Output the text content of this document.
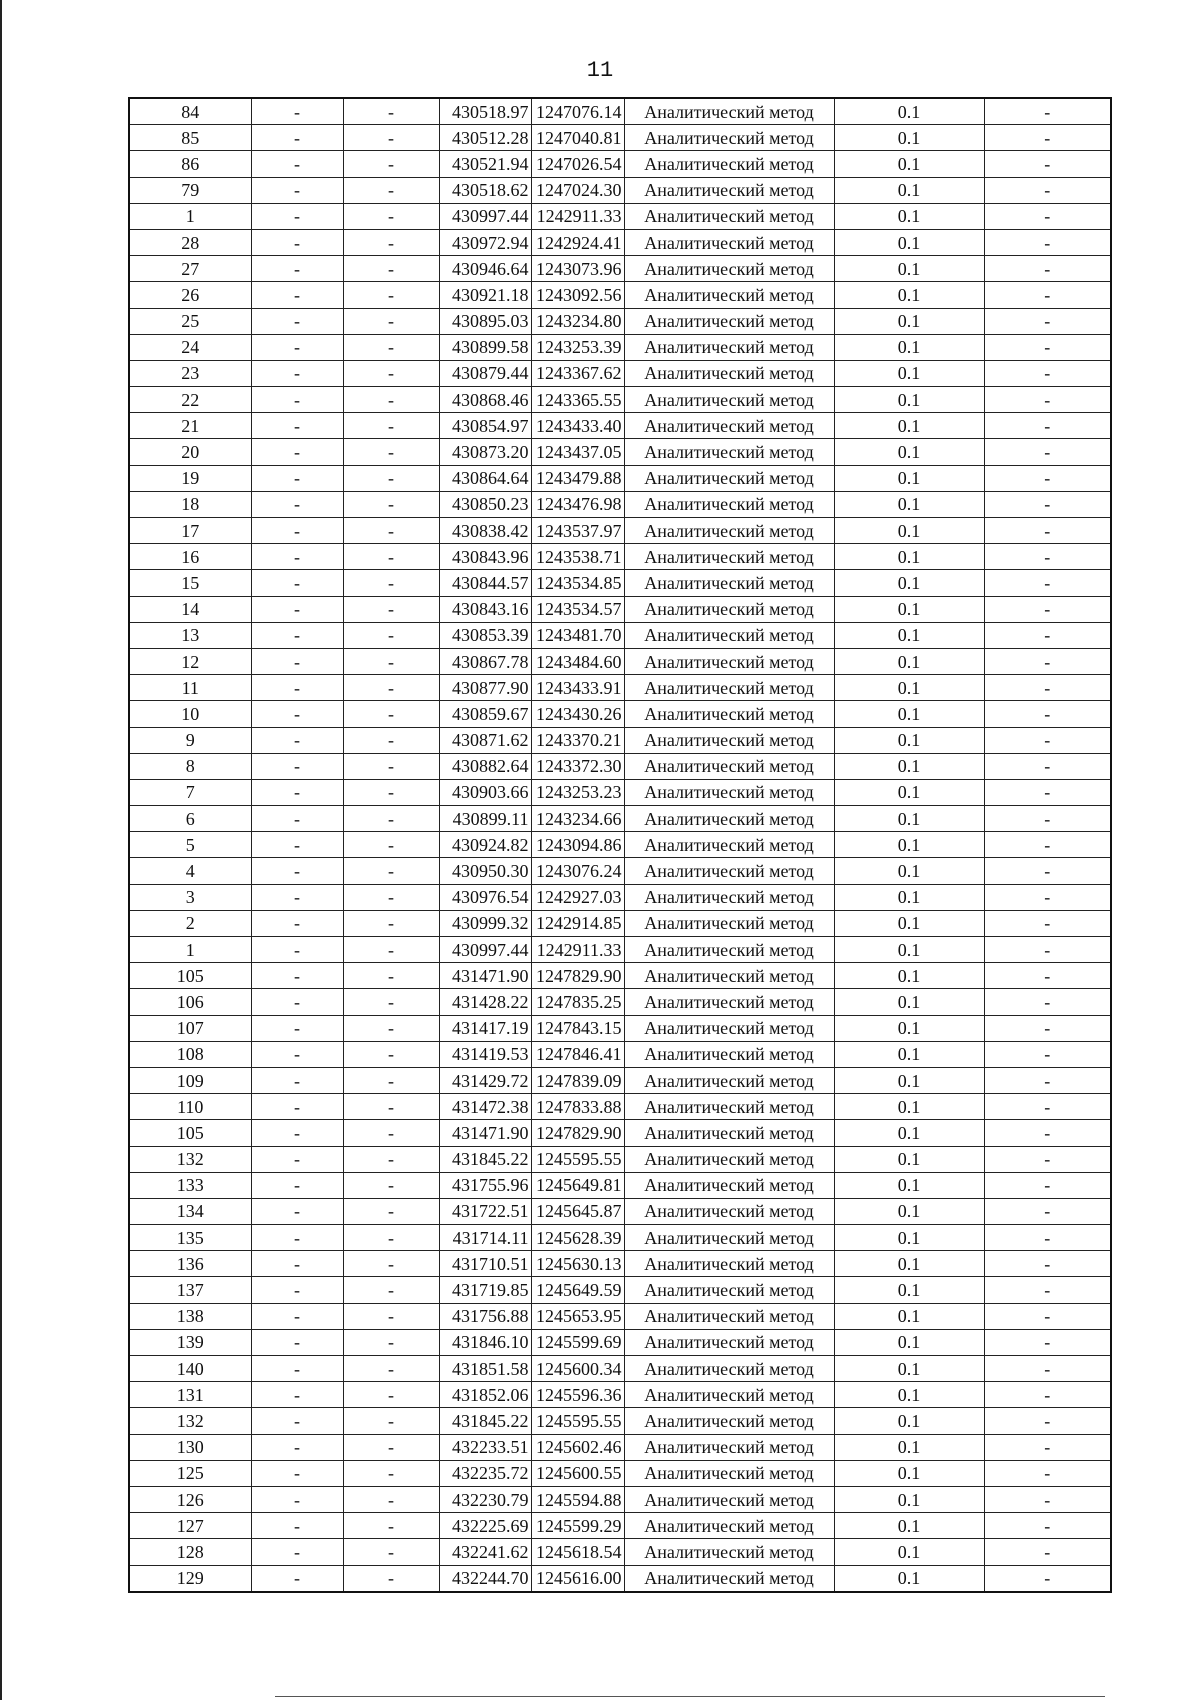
11
84	-	-	430518.97	1247076.14	Аналитический метод	0.1	-
85	-	-	430512.28	1247040.81	Аналитический метод	0.1	-
86	-	-	430521.94	1247026.54	Аналитический метод	0.1	-
79	-	-	430518.62	1247024.30	Аналитический метод	0.1	-
1	-	-	430997.44	1242911.33	Аналитический метод	0.1	-
28	-	-	430972.94	1242924.41	Аналитический метод	0.1	-
27	-	-	430946.64	1243073.96	Аналитический метод	0.1	-
26	-	-	430921.18	1243092.56	Аналитический метод	0.1	-
25	-	-	430895.03	1243234.80	Аналитический метод	0.1	-
24	-	-	430899.58	1243253.39	Аналитический метод	0.1	-
23	-	-	430879.44	1243367.62	Аналитический метод	0.1	-
22	-	-	430868.46	1243365.55	Аналитический метод	0.1	-
21	-	-	430854.97	1243433.40	Аналитический метод	0.1	-
20	-	-	430873.20	1243437.05	Аналитический метод	0.1	-
19	-	-	430864.64	1243479.88	Аналитический метод	0.1	-
18	-	-	430850.23	1243476.98	Аналитический метод	0.1	-
17	-	-	430838.42	1243537.97	Аналитический метод	0.1	-
16	-	-	430843.96	1243538.71	Аналитический метод	0.1	-
15	-	-	430844.57	1243534.85	Аналитический метод	0.1	-
14	-	-	430843.16	1243534.57	Аналитический метод	0.1	-
13	-	-	430853.39	1243481.70	Аналитический метод	0.1	-
12	-	-	430867.78	1243484.60	Аналитический метод	0.1	-
11	-	-	430877.90	1243433.91	Аналитический метод	0.1	-
10	-	-	430859.67	1243430.26	Аналитический метод	0.1	-
9	-	-	430871.62	1243370.21	Аналитический метод	0.1	-
8	-	-	430882.64	1243372.30	Аналитический метод	0.1	-
7	-	-	430903.66	1243253.23	Аналитический метод	0.1	-
6	-	-	430899.11	1243234.66	Аналитический метод	0.1	-
5	-	-	430924.82	1243094.86	Аналитический метод	0.1	-
4	-	-	430950.30	1243076.24	Аналитический метод	0.1	-
3	-	-	430976.54	1242927.03	Аналитический метод	0.1	-
2	-	-	430999.32	1242914.85	Аналитический метод	0.1	-
1	-	-	430997.44	1242911.33	Аналитический метод	0.1	-
105	-	-	431471.90	1247829.90	Аналитический метод	0.1	-
106	-	-	431428.22	1247835.25	Аналитический метод	0.1	-
107	-	-	431417.19	1247843.15	Аналитический метод	0.1	-
108	-	-	431419.53	1247846.41	Аналитический метод	0.1	-
109	-	-	431429.72	1247839.09	Аналитический метод	0.1	-
110	-	-	431472.38	1247833.88	Аналитический метод	0.1	-
105	-	-	431471.90	1247829.90	Аналитический метод	0.1	-
132	-	-	431845.22	1245595.55	Аналитический метод	0.1	-
133	-	-	431755.96	1245649.81	Аналитический метод	0.1	-
134	-	-	431722.51	1245645.87	Аналитический метод	0.1	-
135	-	-	431714.11	1245628.39	Аналитический метод	0.1	-
136	-	-	431710.51	1245630.13	Аналитический метод	0.1	-
137	-	-	431719.85	1245649.59	Аналитический метод	0.1	-
138	-	-	431756.88	1245653.95	Аналитический метод	0.1	-
139	-	-	431846.10	1245599.69	Аналитический метод	0.1	-
140	-	-	431851.58	1245600.34	Аналитический метод	0.1	-
131	-	-	431852.06	1245596.36	Аналитический метод	0.1	-
132	-	-	431845.22	1245595.55	Аналитический метод	0.1	-
130	-	-	432233.51	1245602.46	Аналитический метод	0.1	-
125	-	-	432235.72	1245600.55	Аналитический метод	0.1	-
126	-	-	432230.79	1245594.88	Аналитический метод	0.1	-
127	-	-	432225.69	1245599.29	Аналитический метод	0.1	-
128	-	-	432241.62	1245618.54	Аналитический метод	0.1	-
129	-	-	432244.70	1245616.00	Аналитический метод	0.1	-
